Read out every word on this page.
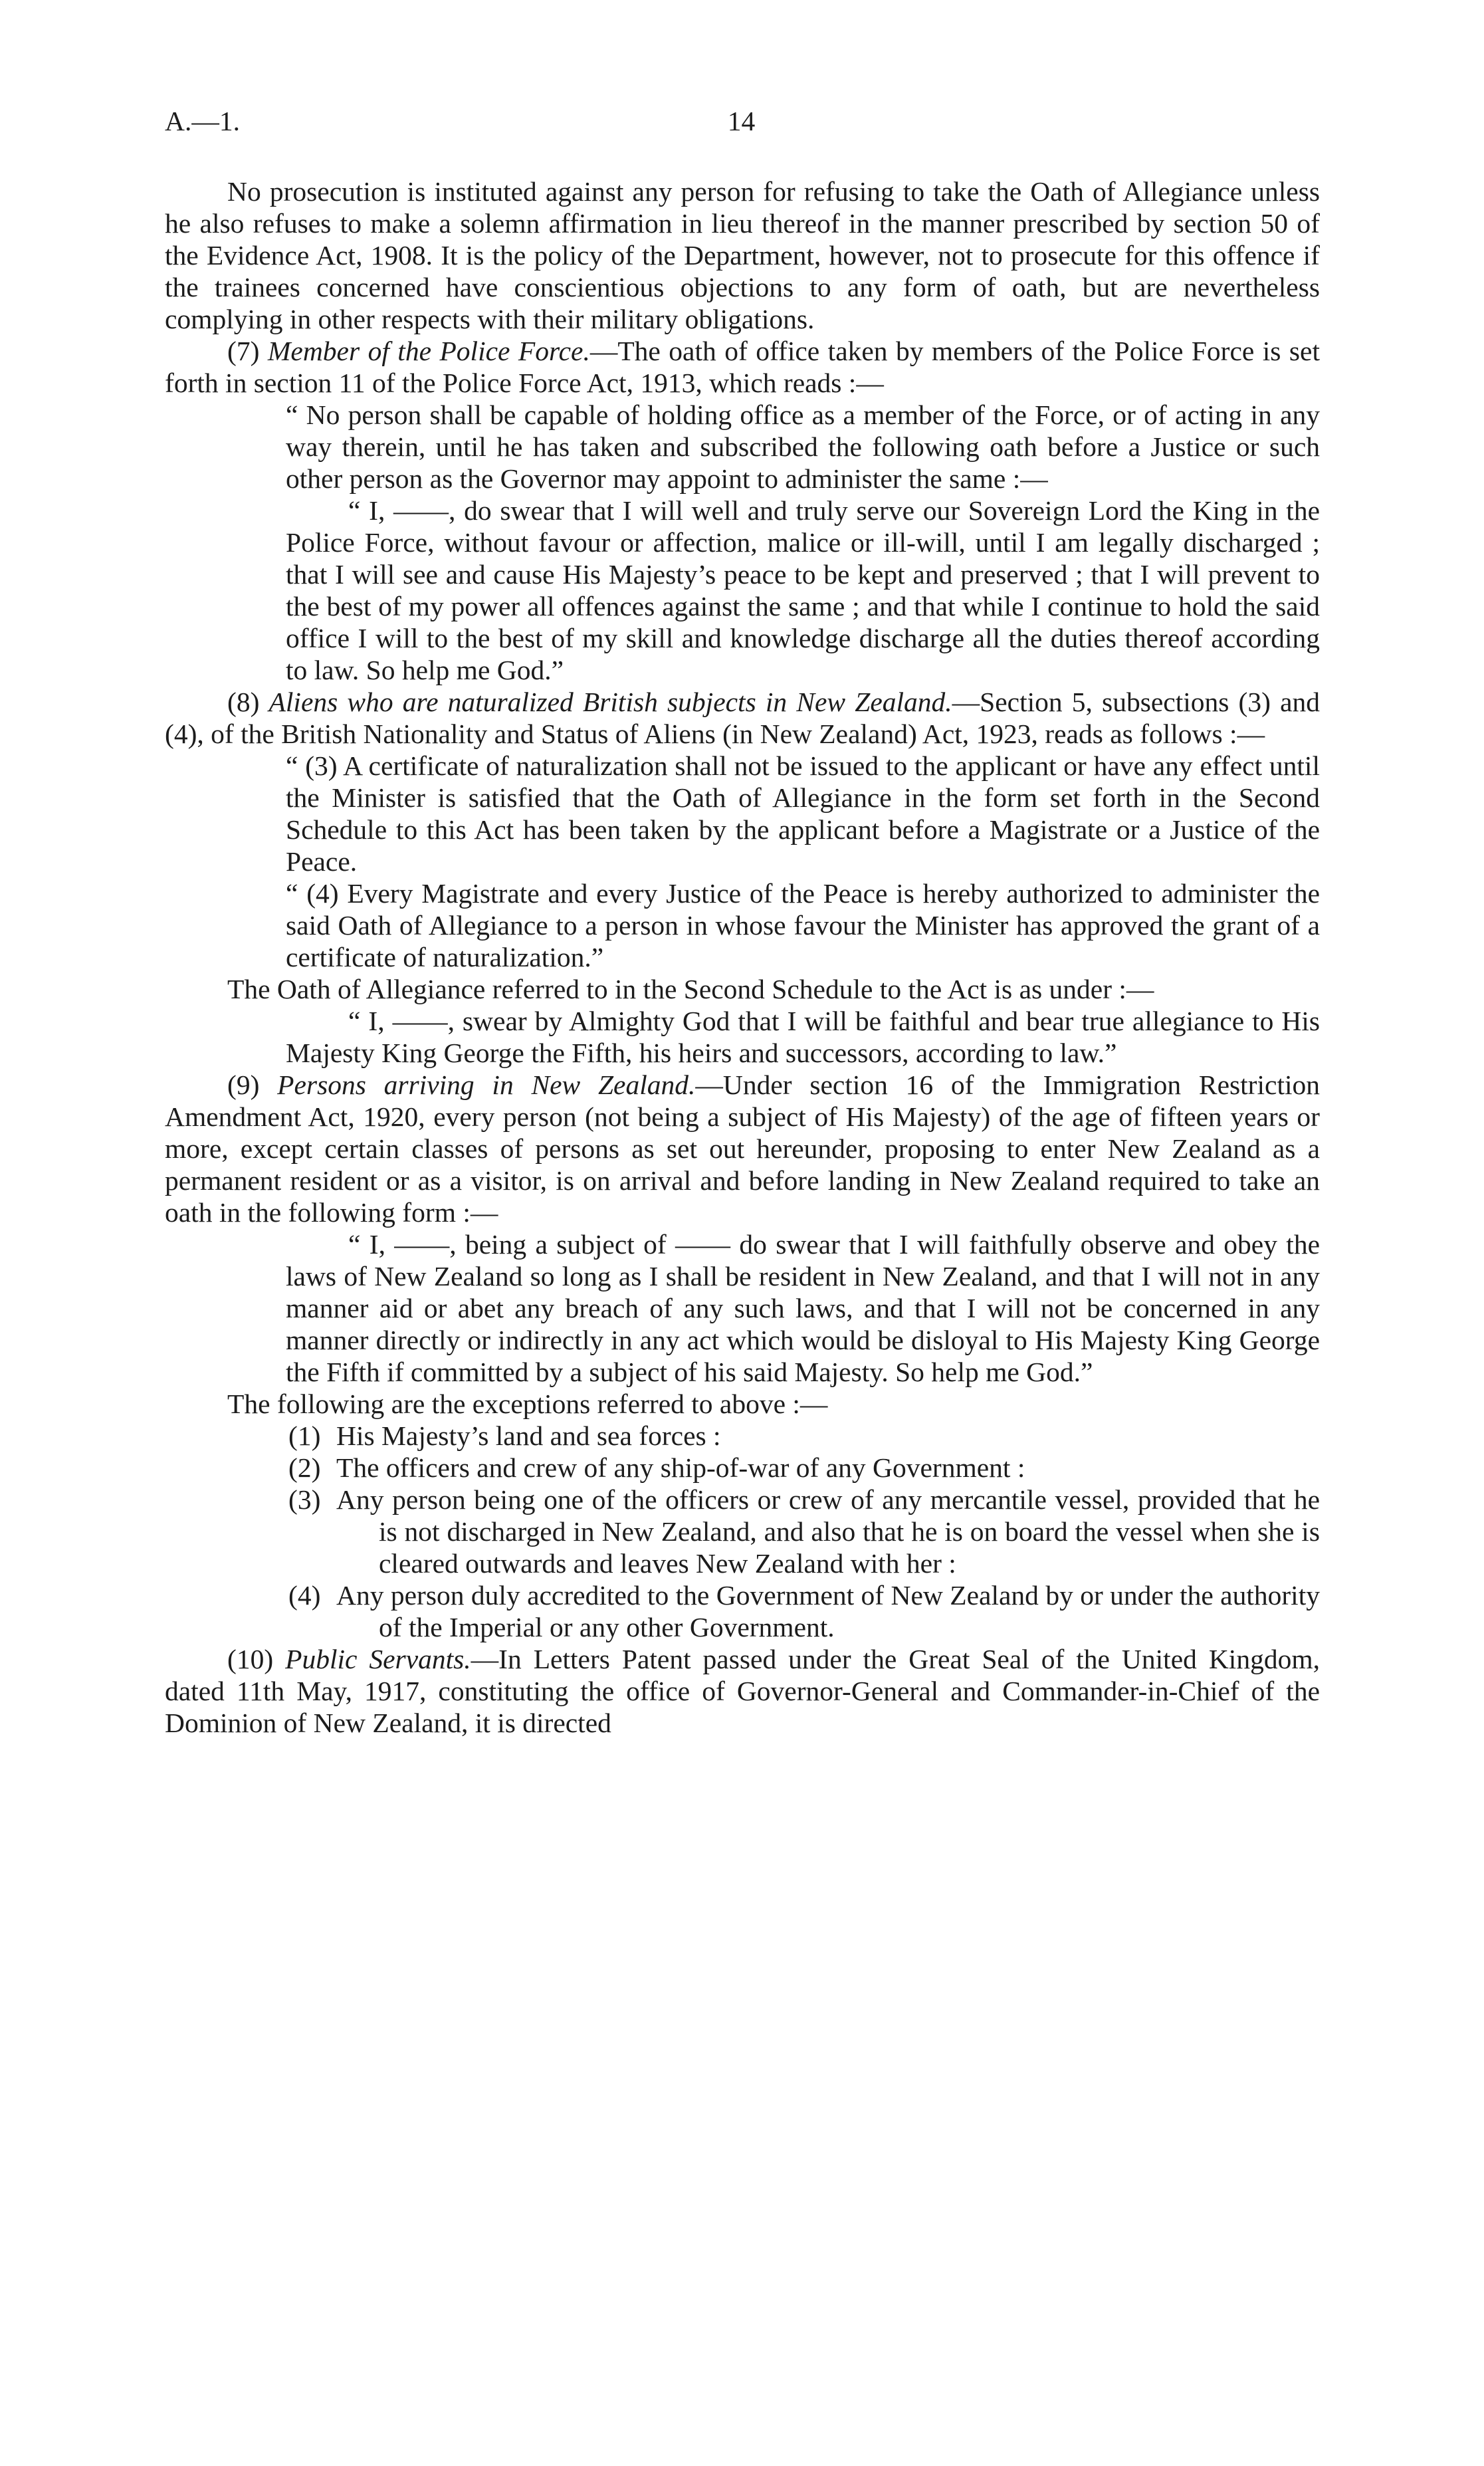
A.—1.	14

No prosecution is instituted against any person for refusing to take the Oath of Allegiance unless he also refuses to make a solemn affirmation in lieu thereof in the manner prescribed by section 50 of the Evidence Act, 1908. It is the policy of the Department, however, not to prosecute for this offence if the trainees concerned have conscientious objections to any form of oath, but are nevertheless complying in other respects with their military obligations.

(7) Member of the Police Force.—The oath of office taken by members of the Police Force is set forth in section 11 of the Police Force Act, 1913, which reads :—

“ No person shall be capable of holding office as a member of the Force, or of acting in any way therein, until he has taken and subscribed the following oath before a Justice or such other person as the Governor may appoint to administer the same :—

“ I, ——, do swear that I will well and truly serve our Sovereign Lord the King in the Police Force, without favour or affection, malice or ill-will, until I am legally discharged ; that I will see and cause His Majesty’s peace to be kept and preserved ; that I will prevent to the best of my power all offences against the same ; and that while I continue to hold the said office I will to the best of my skill and knowledge discharge all the duties thereof according to law. So help me God.”

(8) Aliens who are naturalized British subjects in New Zealand.—Section 5, subsections (3) and (4), of the British Nationality and Status of Aliens (in New Zealand) Act, 1923, reads as follows :—

“ (3) A certificate of naturalization shall not be issued to the applicant or have any effect until the Minister is satisfied that the Oath of Allegiance in the form set forth in the Second Schedule to this Act has been taken by the applicant before a Magistrate or a Justice of the Peace.

“ (4) Every Magistrate and every Justice of the Peace is hereby authorized to administer the said Oath of Allegiance to a person in whose favour the Minister has approved the grant of a certificate of naturalization.”

The Oath of Allegiance referred to in the Second Schedule to the Act is as under :—

“ I, ——, swear by Almighty God that I will be faithful and bear true allegiance to His Majesty King George the Fifth, his heirs and successors, according to law.”

(9) Persons arriving in New Zealand.—Under section 16 of the Immigration Restriction Amendment Act, 1920, every person (not being a subject of His Majesty) of the age of fifteen years or more, except certain classes of persons as set out hereunder, proposing to enter New Zealand as a permanent resident or as a visitor, is on arrival and before landing in New Zealand required to take an oath in the following form :—

“ I, ——, being a subject of —— do swear that I will faithfully observe and obey the laws of New Zealand so long as I shall be resident in New Zealand, and that I will not in any manner aid or abet any breach of any such laws, and that I will not be concerned in any manner directly or indirectly in any act which would be disloyal to His Majesty King George the Fifth if committed by a subject of his said Majesty. So help me God.”

The following are the exceptions referred to above :—

(1) His Majesty’s land and sea forces :
(2) The officers and crew of any ship-of-war of any Government :
(3) Any person being one of the officers or crew of any mercantile vessel, provided that he is not discharged in New Zealand, and also that he is on board the vessel when she is cleared outwards and leaves New Zealand with her :
(4) Any person duly accredited to the Government of New Zealand by or under the authority of the Imperial or any other Government.

(10) Public Servants.—In Letters Patent passed under the Great Seal of the United Kingdom, dated 11th May, 1917, constituting the office of Governor-General and Commander-in-Chief of the Dominion of New Zealand, it is directed
